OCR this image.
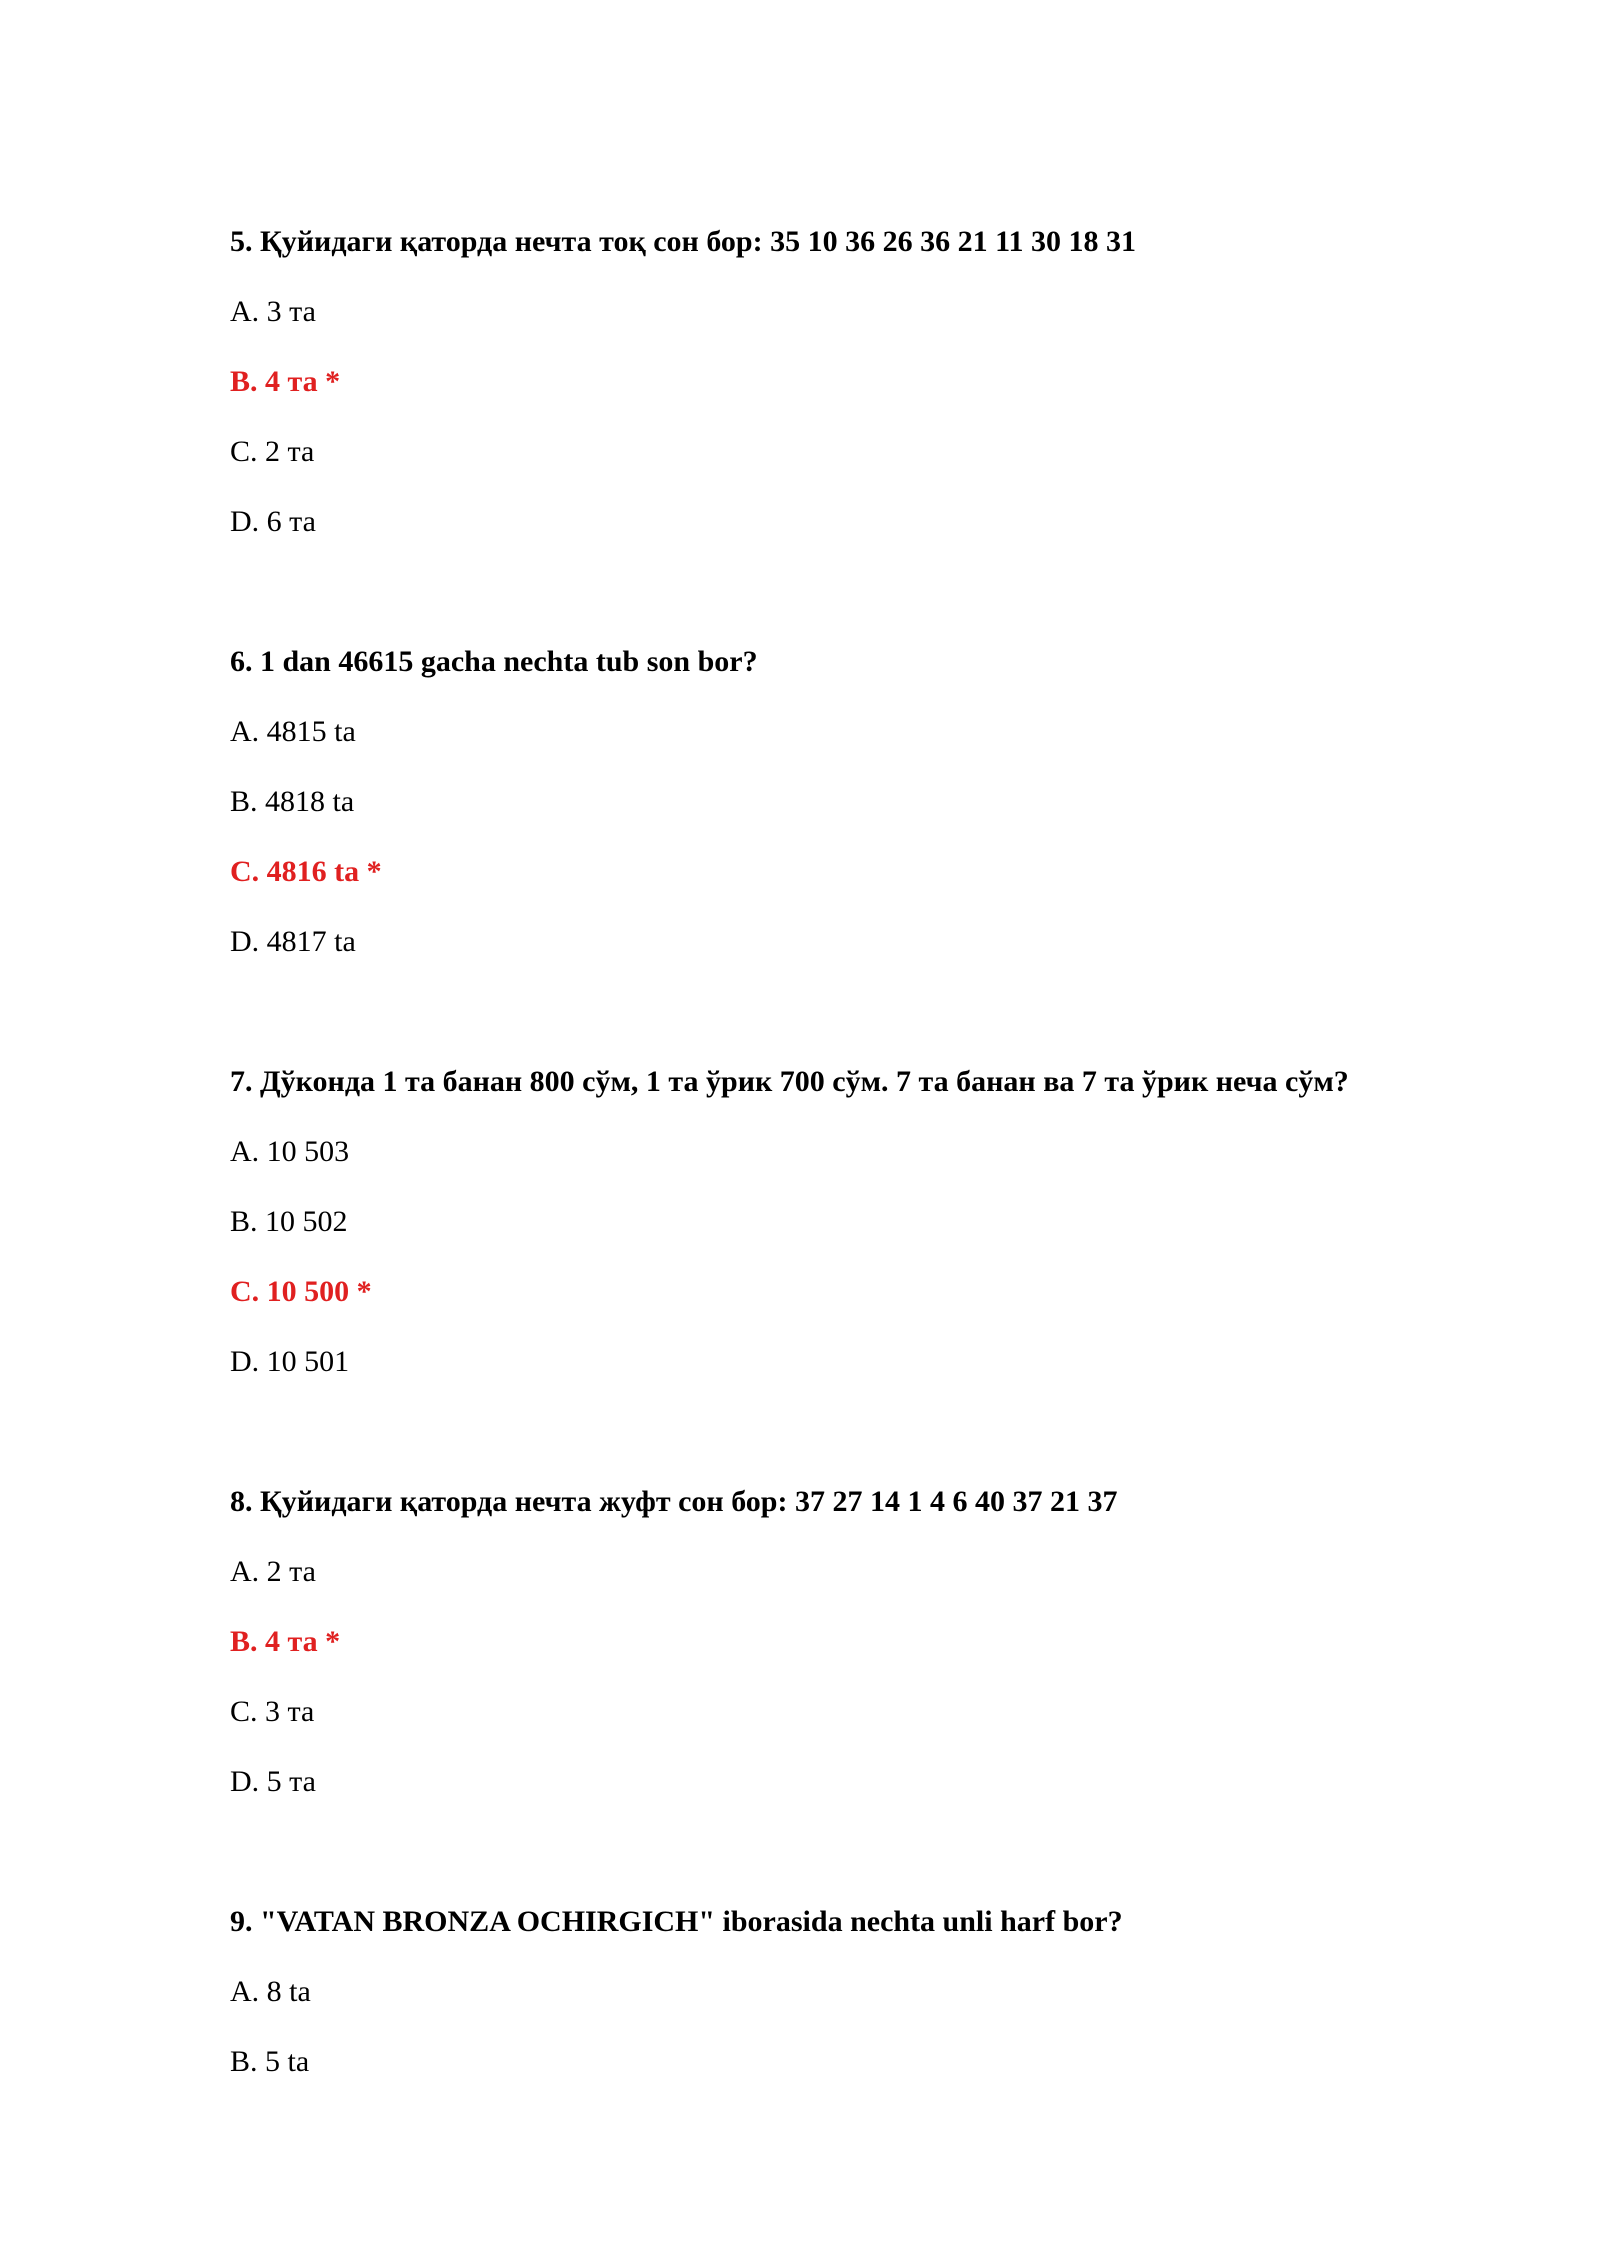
5. Қуйидаги қаторда нечта тоқ сон бор: 35 10 36 26 36 21 11 30 18 31

A. 3 та

B. 4 та *

C. 2 та

D. 6 та

6. 1 dan 46615 gacha nechta tub son bor?

A. 4815 ta

B. 4818 ta

C. 4816 ta *

D. 4817 ta

7. Дўконда 1 та банан 800 сўм, 1 та ўрик 700 сўм. 7 та банан ва 7 та ўрик неча сўм?

A. 10 503

B. 10 502

C. 10 500 *

D. 10 501

8. Қуйидаги қаторда нечта жуфт сон бор: 37 27 14 1 4 6 40 37 21 37

A. 2 та

B. 4 та *

C. 3 та

D. 5 та

9. "VATAN BRONZA OCHIRGICH" iborasida nechta unli harf bor?

A. 8 ta

B. 5 ta
